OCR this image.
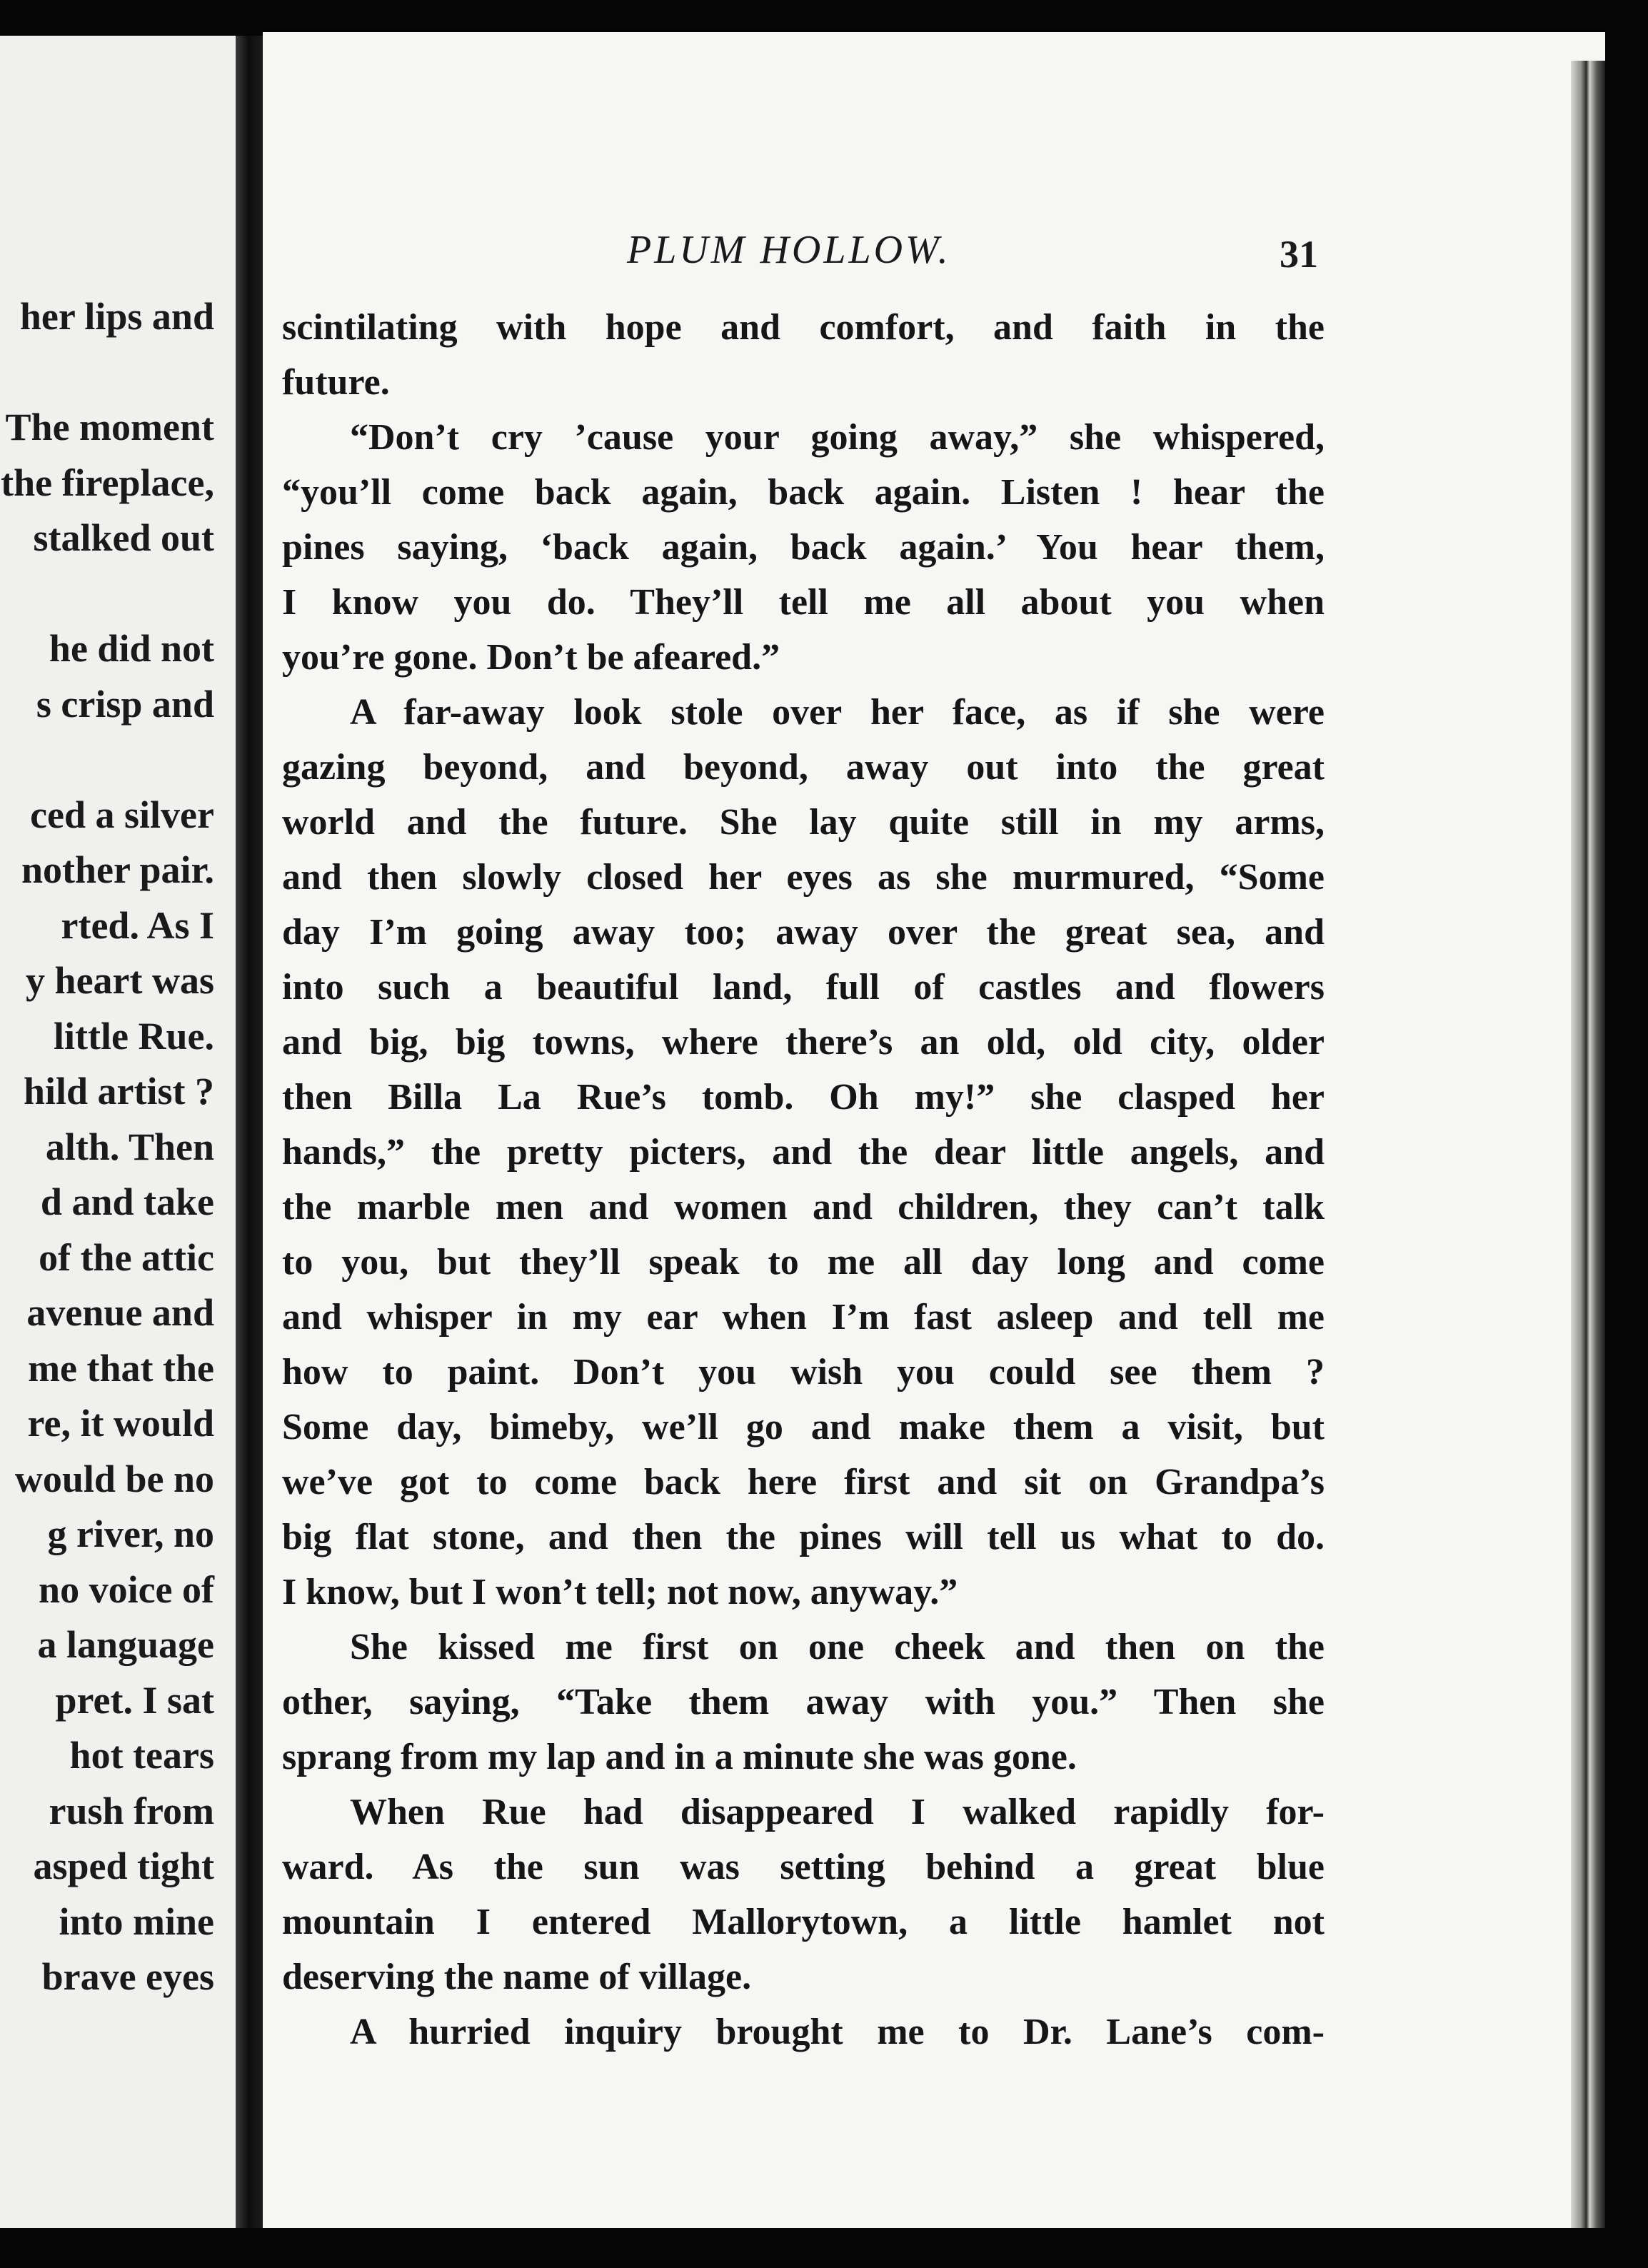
her lips and
The moment
the fireplace,
stalked out
he did not
s crisp and
ced a silver
nother pair.
rted. As I
y heart was
little Rue.
hild artist ?
alth. Then
d and take
of the attic
avenue and
me that the
re, it would
would be no
g river, no
no voice of
a language
pret. I sat
hot tears
rush from
asped tight
into mine
brave eyes
PLUM HOLLOW.	31
scintilating with hope and comfort, and faith in the
future.
“Don’t cry ’cause your going away,” she whispered,
“you’ll come back again, back again. Listen ! hear the
pines saying, ‘back again, back again.’ You hear them,
I know you do. They’ll tell me all about you when
you’re gone. Don’t be afeared.”
A far-away look stole over her face, as if she were
gazing beyond, and beyond, away out into the great
world and the future. She lay quite still in my arms,
and then slowly closed her eyes as she murmured, “Some
day I’m going away too; away over the great sea, and
into such a beautiful land, full of castles and flowers
and big, big towns, where there’s an old, old city, older
then Billa La Rue’s tomb. Oh my!” she clasped her
hands,” the pretty picters, and the dear little angels, and
the marble men and women and children, they can’t talk
to you, but they’ll speak to me all day long and come
and whisper in my ear when I’m fast asleep and tell me
how to paint. Don’t you wish you could see them ?
Some day, bimeby, we’ll go and make them a visit, but
we’ve got to come back here first and sit on Grandpa’s
big flat stone, and then the pines will tell us what to do.
I know, but I won’t tell; not now, anyway.”
She kissed me first on one cheek and then on the
other, saying, “Take them away with you.” Then she
sprang from my lap and in a minute she was gone.
When Rue had disappeared I walked rapidly for-
ward. As the sun was setting behind a great blue
mountain I entered Mallorytown, a little hamlet not
deserving the name of village.
A hurried inquiry brought me to Dr. Lane’s com-
